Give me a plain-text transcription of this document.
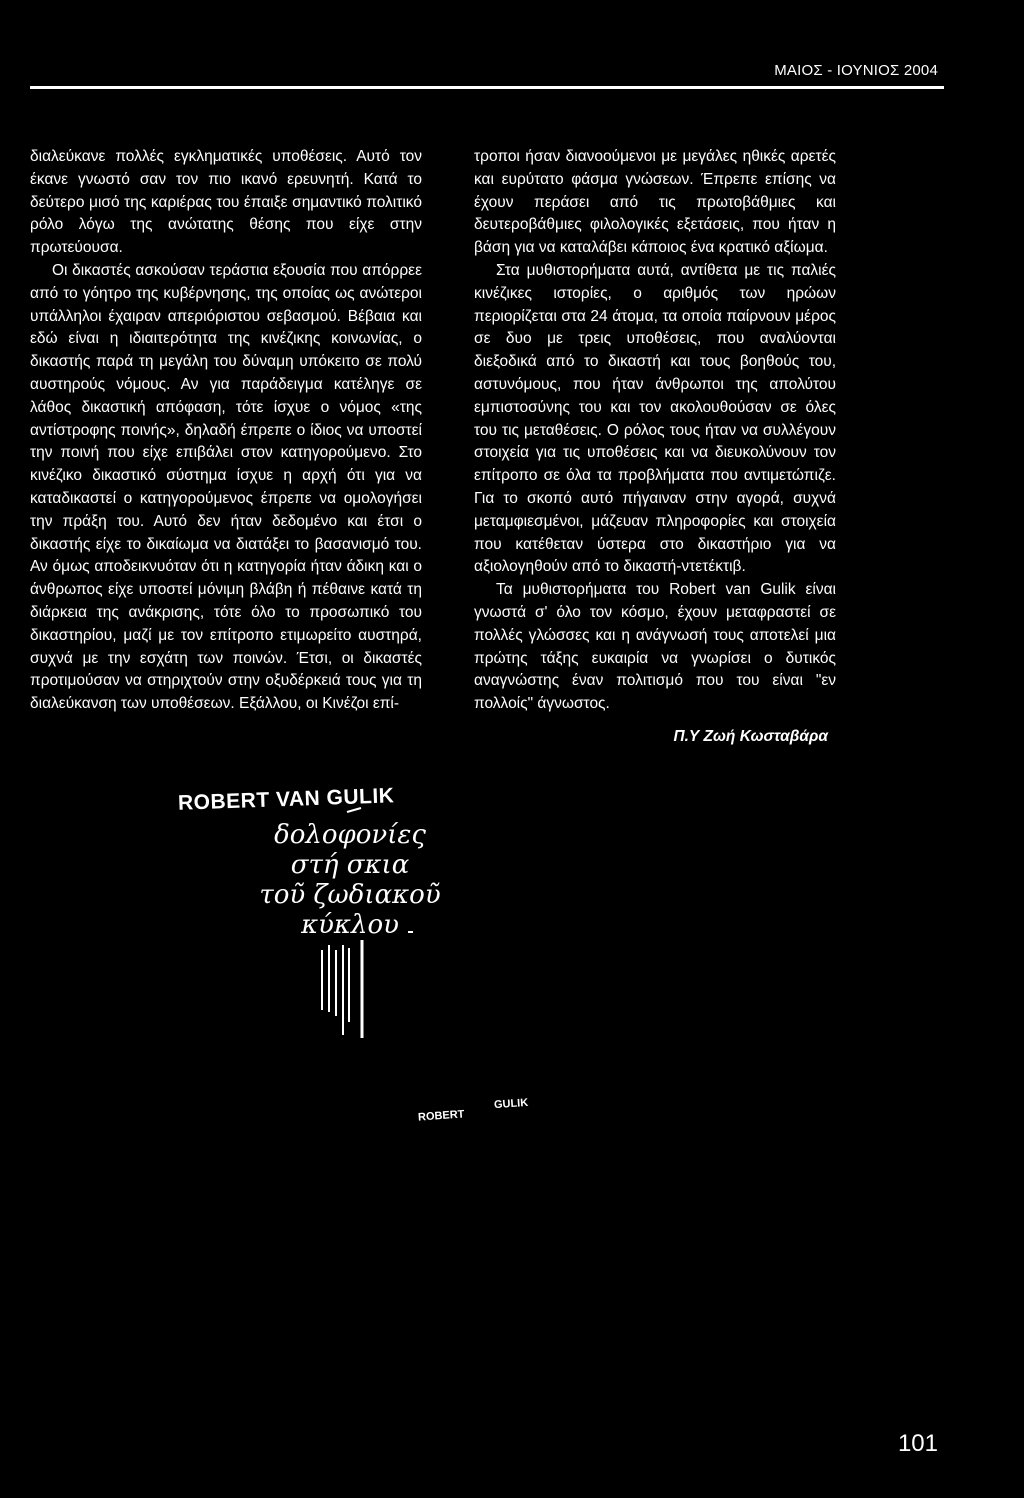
ΜΑΙΟΣ - ΙΟΥΝΙΟΣ 2004

διαλεύκανε πολλές εγκληματικές υποθέσεις. Αυτό τον έκανε γνωστό σαν τον πιο ικανό ερευνητή. Κατά το δεύτερο μισό της καριέρας του έπαιξε σημαντικό πολιτικό ρόλο λόγω της ανώτατης θέσης που είχε στην πρωτεύουσα.

Οι δικαστές ασκούσαν τεράστια εξουσία που απόρρεε από το γόητρο της κυβέρνησης, της οποίας ως ανώτεροι υπάλληλοι έχαιραν απεριόριστου σεβασμού. Βέβαια και εδώ είναι η ιδιαιτερότητα της κινέζικης κοινωνίας, ο δικαστής παρά τη μεγάλη του δύναμη υπόκειτο σε πολύ αυστηρούς νόμους. Αν για παράδειγμα κατέληγε σε λάθος δικαστική απόφαση, τότε ίσχυε ο νόμος «της αντίστροφης ποινής», δηλαδή έπρεπε ο ίδιος να υποστεί την ποινή που είχε επιβάλει στον κατηγορούμενο. Στο κινέζικο δικαστικό σύστημα ίσχυε η αρχή ότι για να καταδικαστεί ο κατηγορούμενος έπρεπε να ομολογήσει την πράξη του. Αυτό δεν ήταν δεδομένο και έτσι ο δικαστής είχε το δικαίωμα να διατάξει το βασανισμό του. Αν όμως αποδεικνυόταν ότι η κατηγορία ήταν άδικη και ο άνθρωπος είχε υποστεί μόνιμη βλάβη ή πέθαινε κατά τη διάρκεια της ανάκρισης, τότε όλο το προσωπικό του δικαστηρίου, μαζί με τον επίτροπο ετιμωρείτο αυστηρά, συχνά με την εσχάτη των ποινών. Έτσι, οι δικαστές προτιμούσαν να στηριχτούν στην οξυδέρκειά τους για τη διαλεύκανση των υποθέσεων. Εξάλλου, οι Κινέζοι επί-

τροποι ήσαν διανοούμενοι με μεγάλες ηθικές αρετές και ευρύτατο φάσμα γνώσεων. Έπρεπε επίσης να έχουν περάσει από τις πρωτοβάθμιες και δευτεροβάθμιες φιλολογικές εξετάσεις, που ήταν η βάση για να καταλάβει κάποιος ένα κρατικό αξίωμα.

Στα μυθιστορήματα αυτά, αντίθετα με τις παλιές κινέζικες ιστορίες, ο αριθμός των ηρώων περιορίζεται στα 24 άτομα, τα οποία παίρνουν μέρος σε δυο με τρεις υποθέσεις, που αναλύονται διεξοδικά από το δικαστή και τους βοηθούς του, αστυνόμους, που ήταν άνθρωποι της απολύτου εμπιστοσύνης του και τον ακολουθούσαν σε όλες του τις μεταθέσεις. Ο ρόλος τους ήταν να συλλέγουν στοιχεία για τις υποθέσεις και να διευκολύνουν τον επίτροπο σε όλα τα προβλήματα που αντιμετώπιζε. Για το σκοπό αυτό πήγαιναν στην αγορά, συχνά μεταμφιεσμένοι, μάζευαν πληροφορίες και στοιχεία που κατέθεταν ύστερα στο δικαστήριο για να αξιολογηθούν από το δικαστή-ντετέκτιβ.

Τα μυθιστορήματα του Robert van Gulik είναι γνωστά σ' όλο τον κόσμο, έχουν μεταφραστεί σε πολλές γλώσσες και η ανάγνωσή τους αποτελεί μια πρώτης τάξης ευκαιρία να γνωρίσει ο δυτικός αναγνώστης έναν πολιτισμό που του είναι "εν πολλοίς" άγνωστος.

Π.Υ Ζωή Κωσταβάρα

ROBERT VAN GULIK
δολοφονίες
στή σκια
τοῦ ζωδιακοῦ
κύκλου
ROBERT
GULIK
101
